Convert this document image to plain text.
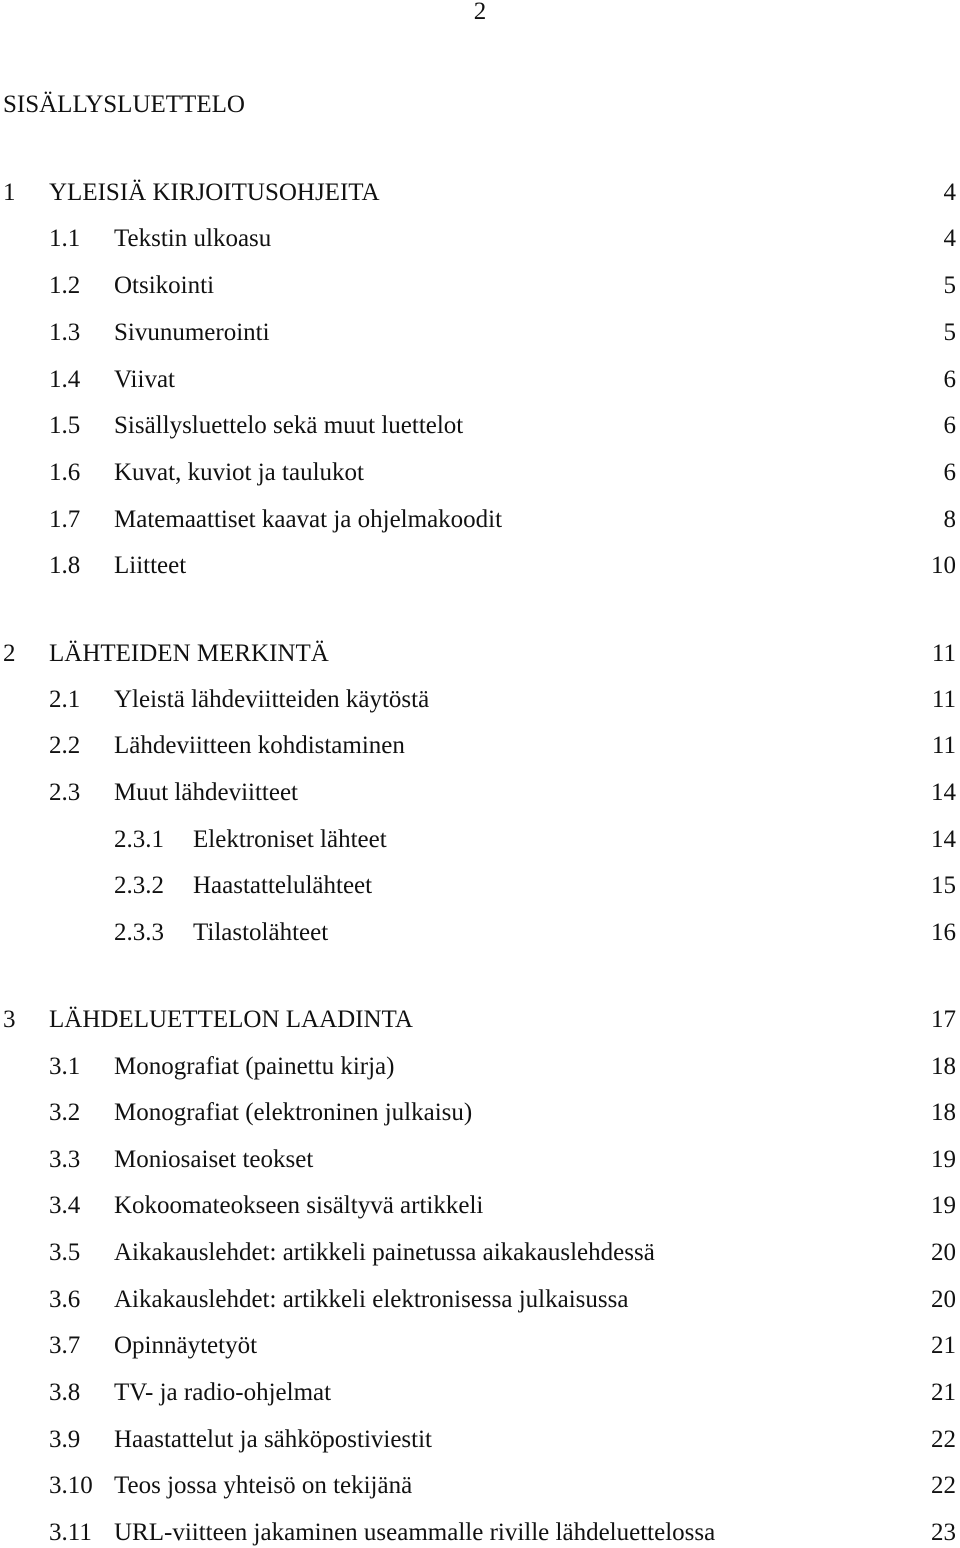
2
SISÄLLYSLUETTELO
1 YLEISIÄ KIRJOITUSOHJEITA	4
1.1 Tekstin ulkoasu	4
1.2 Otsikointi	5
1.3 Sivunumerointi	5
1.4 Viivat	6
1.5 Sisällysluettelo sekä muut luettelot	6
1.6 Kuvat, kuviot ja taulukot	6
1.7 Matemaattiset kaavat ja ohjelmakoodit	8
1.8 Liitteet	10
2 LÄHTEIDEN MERKINTÄ	11
2.1 Yleistä lähdeviitteiden käytöstä	11
2.2 Lähdeviitteen kohdistaminen	11
2.3 Muut lähdeviitteet	14
2.3.1 Elektroniset lähteet	14
2.3.2 Haastattelulähteet	15
2.3.3 Tilastolähteet	16
3 LÄHDELUETTELON LAADINTA	17
3.1 Monografiat (painettu kirja)	18
3.2 Monografiat (elektroninen julkaisu)	18
3.3 Moniosaiset teokset	19
3.4 Kokoomateokseen sisältyvä artikkeli	19
3.5 Aikakauslehdet: artikkeli painetussa aikakauslehdessä	20
3.6 Aikakauslehdet: artikkeli elektronisessa julkaisussa	20
3.7 Opinnäytetyöt	21
3.8 TV- ja radio-ohjelmat	21
3.9 Haastattelut ja sähköpostiviestit	22
3.10 Teos jossa yhteisö on tekijänä	22
3.11 URL-viitteen jakaminen useammalle riville lähdeluettelossa	23
